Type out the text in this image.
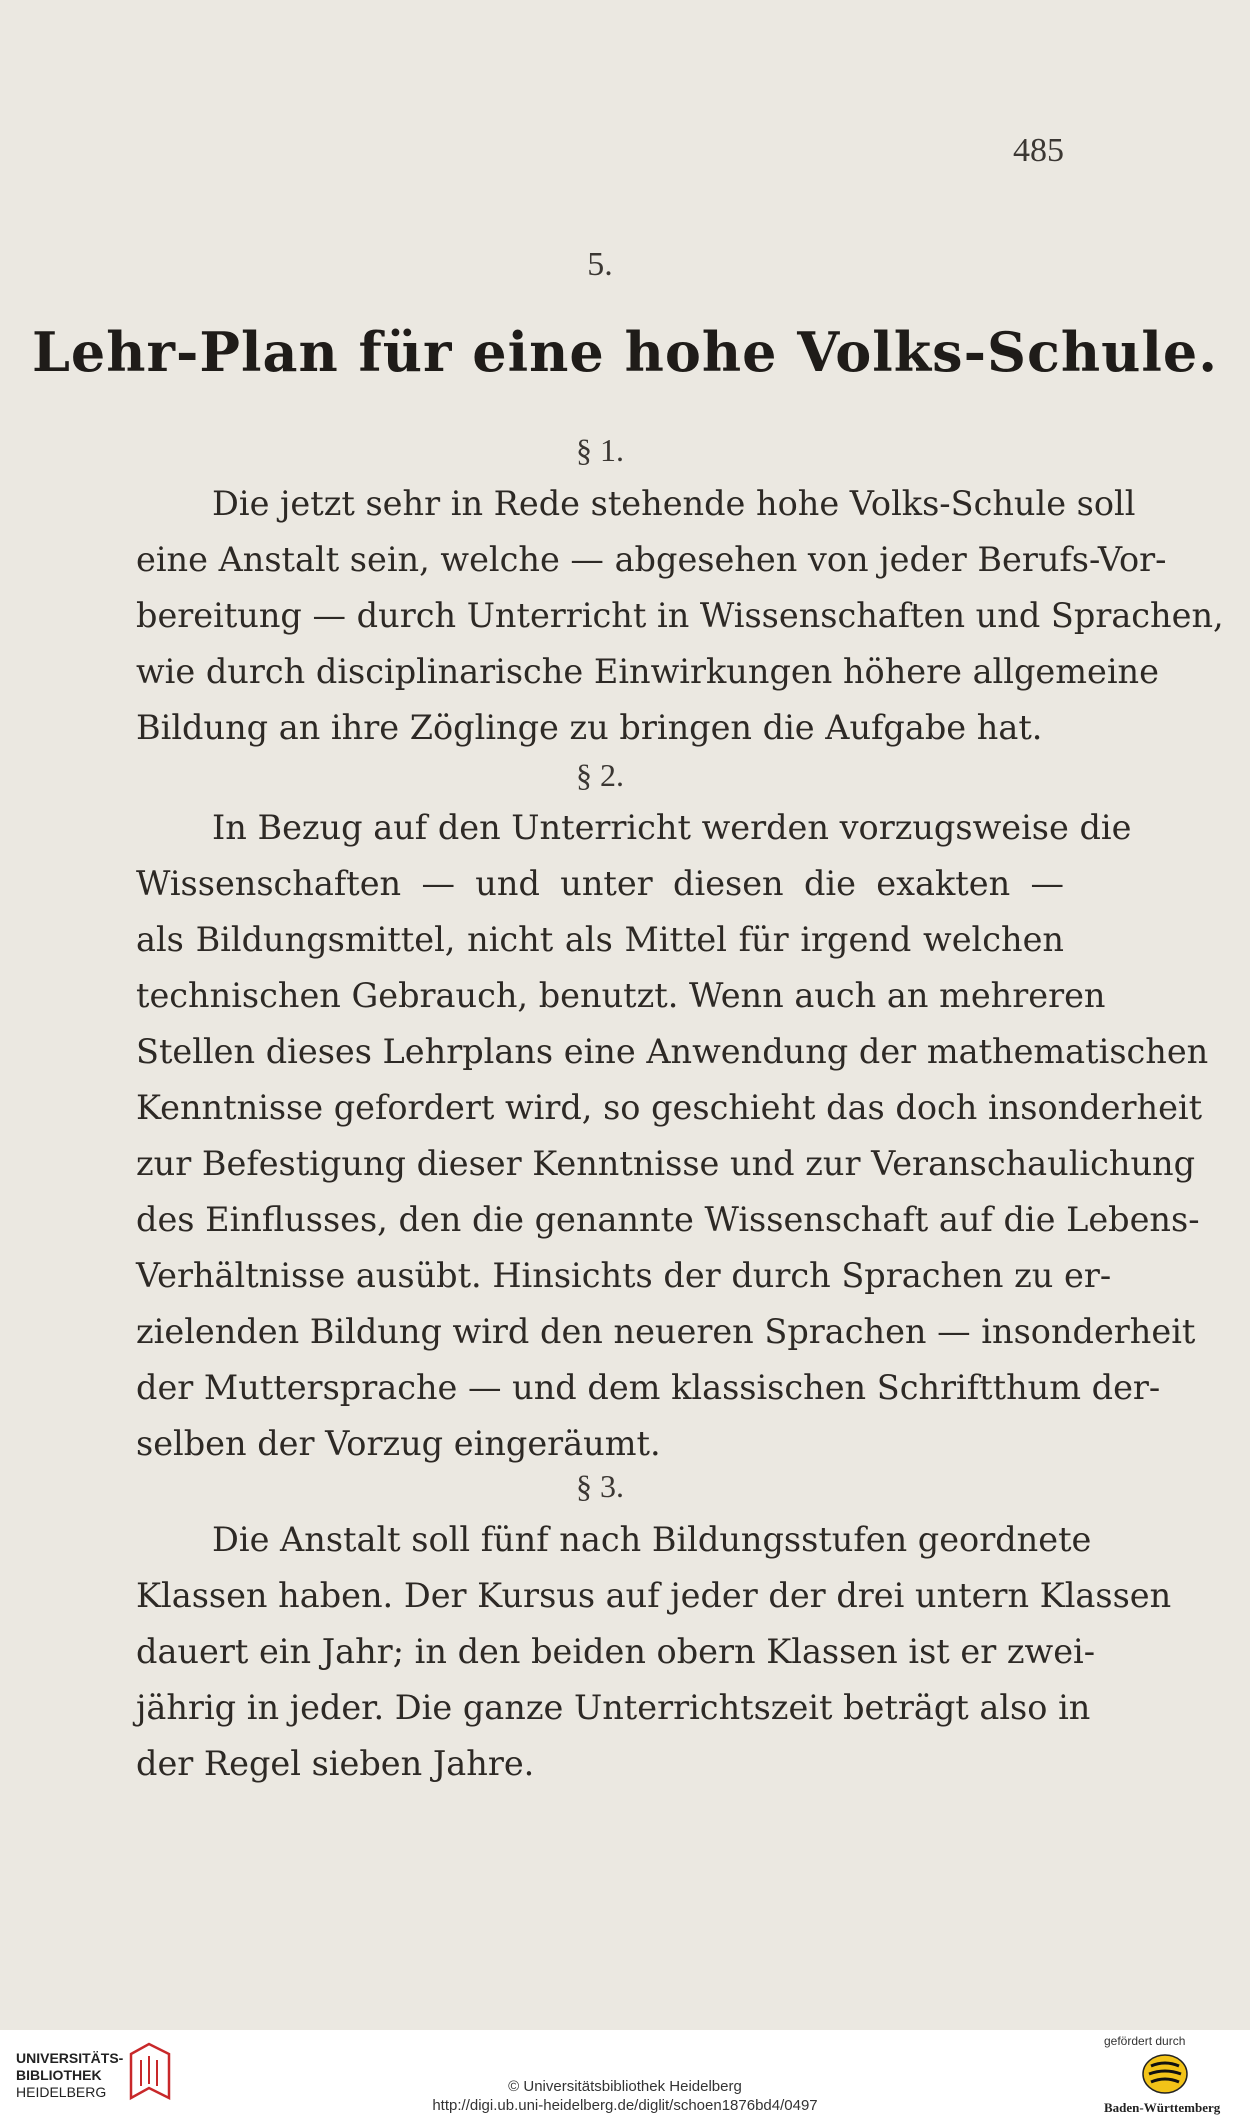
485
5.
Lehr-Plan für eine hohe Volks-Schule.
§ 1.
Die jetzt sehr in Rede stehende hohe Volks-Schule soll
eine Anstalt sein, welche — abgesehen von jeder Berufs-Vor-
bereitung — durch Unterricht in Wissenschaften und Sprachen,
wie durch disciplinarische Einwirkungen höhere allgemeine
Bildung an ihre Zöglinge zu bringen die Aufgabe hat.
§ 2.
In Bezug auf den Unterricht werden vorzugsweise die
Wissenschaften — und unter diesen die exakten —
als Bildungsmittel, nicht als Mittel für irgend welchen
technischen Gebrauch, benutzt. Wenn auch an mehreren
Stellen dieses Lehrplans eine Anwendung der mathematischen
Kenntnisse gefordert wird, so geschieht das doch insonderheit
zur Befestigung dieser Kenntnisse und zur Veranschaulichung
des Einflusses, den die genannte Wissenschaft auf die Lebens-
Verhältnisse ausübt. Hinsichts der durch Sprachen zu er-
zielenden Bildung wird den neueren Sprachen — insonderheit
der Muttersprache — und dem klassischen Schriftthum der-
selben der Vorzug eingeräumt.
§ 3.
Die Anstalt soll fünf nach Bildungsstufen geordnete
Klassen haben. Der Kursus auf jeder der drei untern Klassen
dauert ein Jahr; in den beiden obern Klassen ist er zwei-
jährig in jeder. Die ganze Unterrichtszeit beträgt also in
der Regel sieben Jahre.
UNIVERSITÄTS-
BIBLIOTHEK
HEIDELBERG	© Universitätsbibliothek Heidelberg
http://digi.ub.uni-heidelberg.de/diglit/schoen1876bd4/0497
gefördert durch
Baden-Württemberg
